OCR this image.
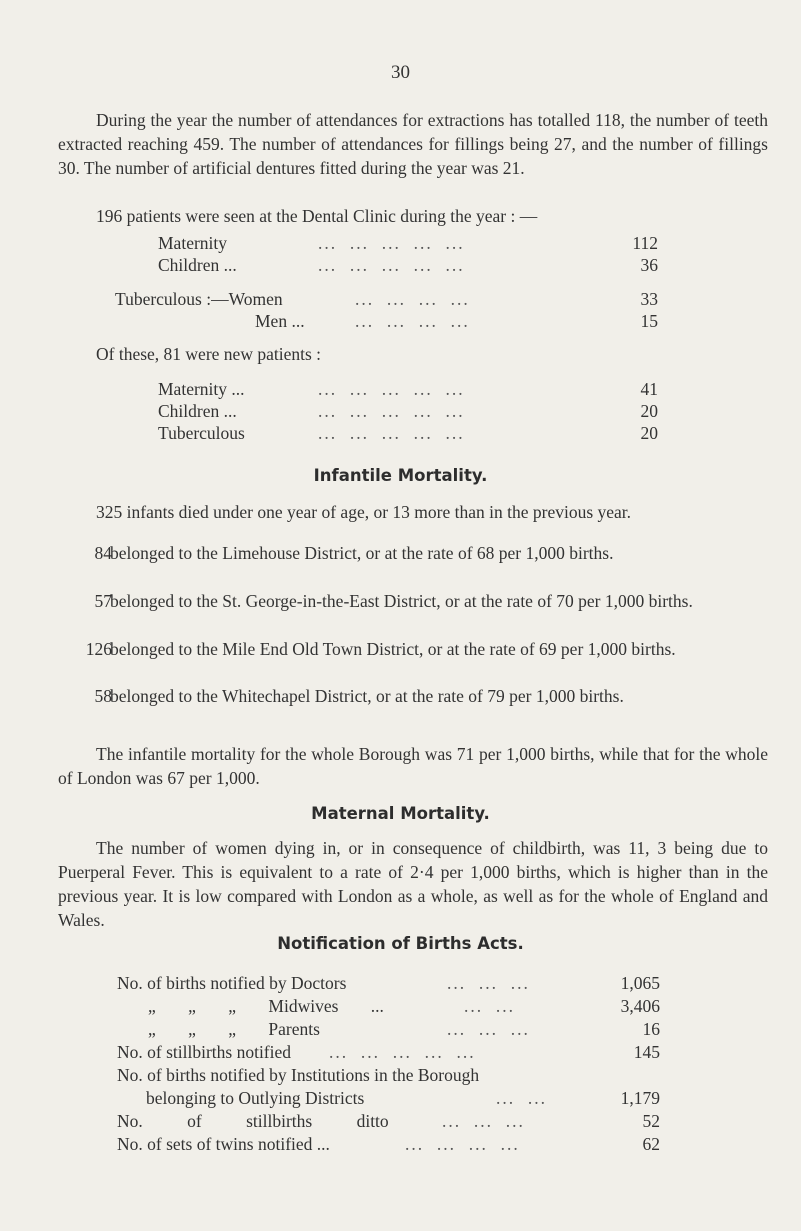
30
During the year the number of attendances for extractions has totalled 118, the number of teeth extracted reaching 459. The number of attendances for fillings being 27, and the number of fillings 30. The number of artificial dentures fitted during the year was 21.
196 patients were seen at the Dental Clinic during the year : —
Maternity	...  ...  ...  ...  ...	112
Children ...	...  ...  ...  ...  ...	36
Tuberculous :—Women	...  ...  ...  ...	33
Men ...	...  ...  ...  ...	15
Of these, 81 were new patients :
Maternity ...	...  ...  ...  ...  ...	41
Children ...	...  ...  ...  ...  ...	20
Tuberculous	...  ...  ...  ...  ...	20
Infantile Mortality.
325 infants died under one year of age, or 13 more than in the previous year.
84
belonged to the Limehouse District, or at the rate of 68 per 1,000 births.
57
belonged to the St. George-in-the-East District, or at the rate of 70 per 1,000 births.
126
belonged to the Mile End Old Town District, or at the rate of 69 per 1,000 births.
58
belonged to the Whitechapel District, or at the rate of 79 per 1,000 births.
The infantile mortality for the whole Borough was 71 per 1,000 births, while that for the whole of London was 67 per 1,000.
Maternal Mortality.
The number of women dying in, or in consequence of childbirth, was 11, 3 being due to Puerperal Fever. This is equivalent to a rate of 2·4 per 1,000 births, which is higher than in the previous year. It is low compared with London as a whole, as well as for the whole of England and Wales.
Notification of Births Acts.
No. of births notified by Doctors	...  ...  ...	1,065
„ „ „ Midwives ...	...  ...	3,406
„ „ „ Parents	...  ...  ...	16
No. of stillbirths notified ...  ...  ...  ...  ...	145
No. of births notified by Institutions in the Borough
belonging to Outlying Districts	...  ...	1,179
No. of stillbirths ditto	...  ...  ...	52
No. of sets of twins notified ...	...  ...  ...  ...	62
